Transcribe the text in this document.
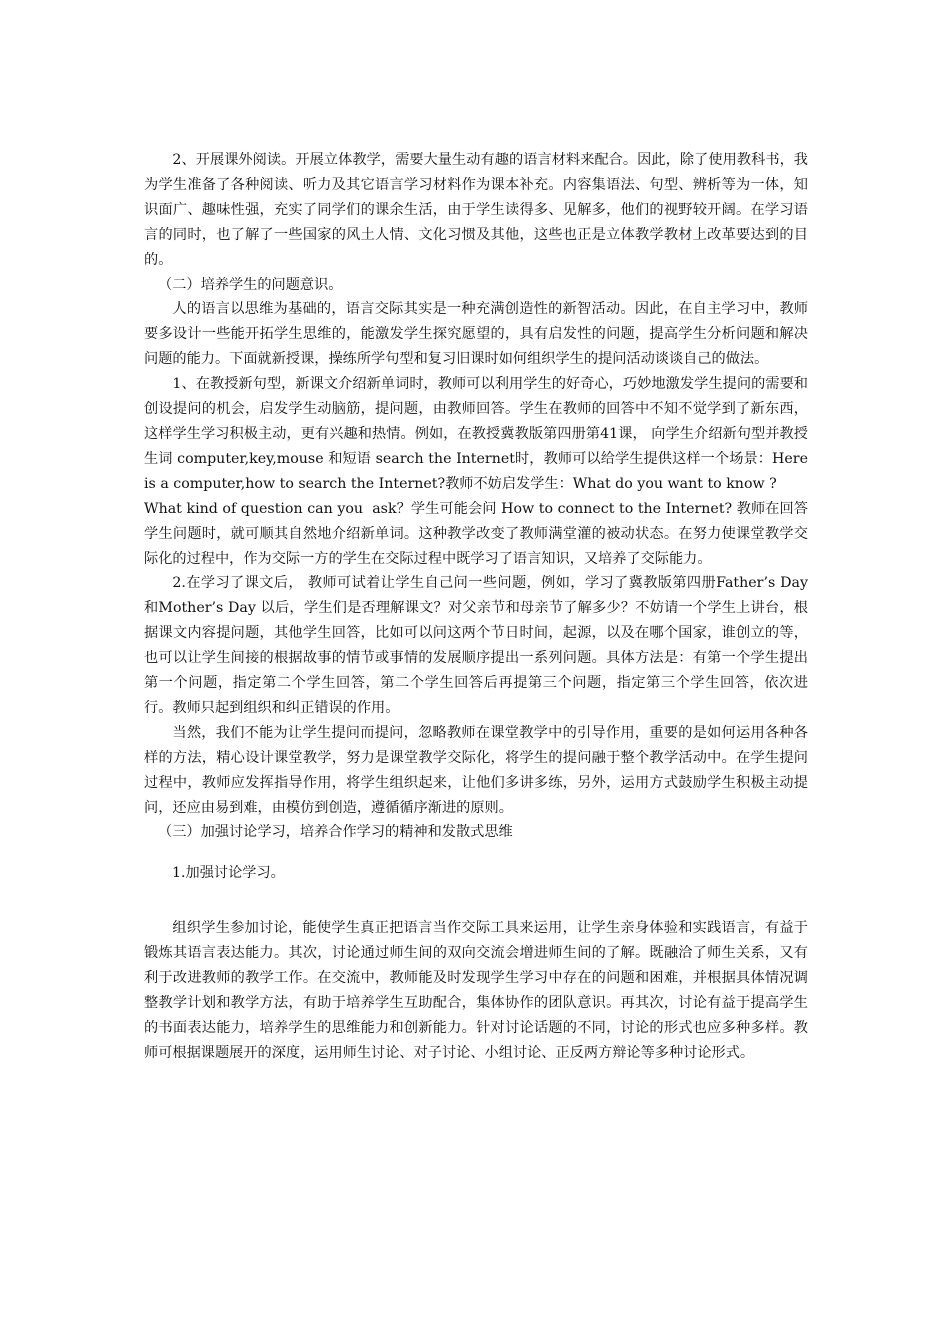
2、开展课外阅读。开展立体教学，需要大量生动有趣的语言材料来配合。因此，除了使用教科书，我为学生准备了各种阅读、听力及其它语言学习材料作为课本补充。内容集语法、句型、辨析等为一体，知识面广、趣味性强，充实了同学们的课余生活，由于学生读得多、见解多，他们的视野较开阔。在学习语言的同时，也了解了一些国家的风土人情、文化习惯及其他，这些也正是立体教学教材上改革要达到的目的。

（二）培养学生的问题意识。

人的语言以思维为基础的，语言交际其实是一种充满创造性的新智活动。因此，在自主学习中，教师要多设计一些能开拓学生思维的，能激发学生探究愿望的，具有启发性的问题，提高学生分析问题和解决问题的能力。下面就新授课，操练所学句型和复习旧课时如何组织学生的提问活动谈谈自己的做法。

1、在教授新句型，新课文介绍新单词时，教师可以利用学生的好奇心，巧妙地激发学生提问的需要和创设提问的机会，启发学生动脑筋，提问题，由教师回答。学生在教师的回答中不知不觉学到了新东西，这样学生学习积极主动，更有兴趣和热情。例如，在教授冀教版第四册第41课， 向学生介绍新句型并教授生词 computer,key,mouse 和短语 search the Internet时，教师可以给学生提供这样一个场景：Here is a computer,how to search the Internet?教师不妨启发学生：What do you want to know ?

What kind of question can you  ask？学生可能会问 How to connect to the Internet? 教师在回答学生问题时，就可顺其自然地介绍新单词。这种教学改变了教师满堂灌的被动状态。在努力使课堂教学交际化的过程中，作为交际一方的学生在交际过程中既学习了语言知识，又培养了交际能力。

2.在学习了课文后， 教师可试着让学生自己问一些问题，例如，学习了冀教版第四册Father’s Day 和Mother’s Day 以后，学生们是否理解课文？对父亲节和母亲节了解多少？不妨请一个学生上讲台，根据课文内容提问题，其他学生回答，比如可以问这两个节日时间，起源，以及在哪个国家，谁创立的等，也可以让学生间接的根据故事的情节或事情的发展顺序提出一系列问题。具体方法是：有第一个学生提出第一个问题，指定第二个学生回答，第二个学生回答后再提第三个问题，指定第三个学生回答，依次进行。教师只起到组织和纠正错误的作用。

当然，我们不能为让学生提问而提问，忽略教师在课堂教学中的引导作用，重要的是如何运用各种各样的方法，精心设计课堂教学，努力是课堂教学交际化，将学生的提问融于整个教学活动中。在学生提问过程中，教师应发挥指导作用，将学生组织起来，让他们多讲多练，另外，运用方式鼓励学生积极主动提问，还应由易到难，由模仿到创造，遵循循序渐进的原则。

（三）加强讨论学习，培养合作学习的精神和发散式思维

1.加强讨论学习。

组织学生参加讨论，能使学生真正把语言当作交际工具来运用，让学生亲身体验和实践语言，有益于锻炼其语言表达能力。其次，讨论通过师生间的双向交流会增进师生间的了解。既融洽了师生关系，又有利于改进教师的教学工作。在交流中，教师能及时发现学生学习中存在的问题和困难，并根据具体情况调整教学计划和教学方法，有助于培养学生互助配合，集体协作的团队意识。再其次，讨论有益于提高学生的书面表达能力，培养学生的思维能力和创新能力。针对讨论话题的不同，讨论的形式也应多种多样。教师可根据课题展开的深度，运用师生讨论、对子讨论、小组讨论、正反两方辩论等多种讨论形式。
